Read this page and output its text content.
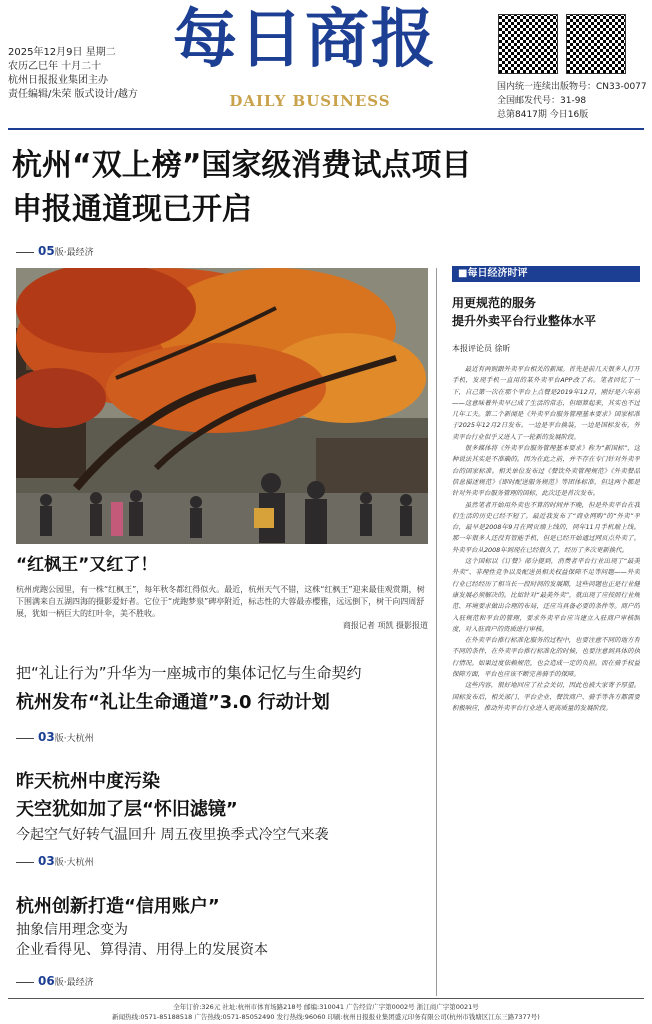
2025年12月9日 星期二
农历乙巳年 十月二十
杭州日报报业集团主办
责任编辑/朱荣 版式设计/越方
每日商报
DAILY BUSINESS
国内统一连续出版物号：CN33-0077
全国邮发代号：31-98
总第8417期 今日16版
杭州“双上榜”国家级消费试点项目
申报通道现已开启
05版·最经济
“红枫王”又红了！
杭州虎跑公园里，有一株“红枫王”，每年秋冬都红得似火。最近，杭州天气不错，这株“红枫王”迎来最佳观赏期，树下围满来自五湖四海的摄影爱好者。它位于“虎跑梦泉”碑亭附近，标志性的大蓉最赤樱雅，远远倒下，树干向四周舒展，犹如一柄巨大的红叶伞，美不胜收。
商报记者 项凯 摄影报道
把“礼让行为”升华为一座城市的集体记忆与生命契约
杭州发布“礼让生命通道”3.0 行动计划
03版·大杭州
昨天杭州中度污染
天空犹如加了层“怀旧滤镜”
今起空气好转气温回升 周五夜里换季式冷空气来袭
03版·大杭州
杭州创新打造“信用账户”
抽象信用理念变为
企业看得见、算得清、用得上的发展资本
06版·最经济
■每日经济时评
用更规范的服务
提升外卖平台行业整体水平
本报评论员 徐昕

最近有两则跟外卖平台相关的新闻。首先是前几天很多人打开手机，发现手机一直用的某外卖平台APP改了名。笔者回忆了一下，自己第一次在那个平台上点餐是2019年12月，刚好是六年前——这意味着外卖早已成了生活的常态，但细算起来，其实也不过几年工夫。第二个新闻是《外卖平台服务管理基本要求》国家标准于2025年12月2日发布。一边是平台换装，一边是国标发布，外卖平台行业似乎又进入了一轮新的发展阶段。

很多媒体将《外卖平台服务管理基本要求》称为“新国标”，这种说法其实是不准确的。因为在此之前，并不存在专门针对外卖平台的国家标准。相关单位发布过《餐饮外卖管理规范》《外卖餐品信息描述规范》《即时配送服务规范》等团体标准，但这两个都是针对外卖平台服务管理的国标，此次还是首次发布。

虽然笔者开始用外卖也不算的时间并不晚，但是外卖平台在我们生活的历史已经不短了。最近我发布了“商业网购”的“外卖”平台，最早是2008年9月在网页端上线的，同年11月手机端上线。那一年很多人还没有智能手机，但是已经开始通过网页点外卖了。外卖平台从2008年到现在已经很久了，经历了多次更新换代。

这个国标以《订餐》部分提到，消费者平台行业出现了“最美外卖”、非理性竞争以及配送员相关权益保障不足等问题——外卖行业已经经历了相当长一段时间的发展期，这些问题也正是行业健康发展必须解决的。比如针对“最美外卖”，就出现了应按照行业规范、环境要求做出合理的布局，还应当具备必要的条件等。商户的入驻规范和平台的管理，要求外卖平台应当建立入驻商户审核制度，对入驻商户的资质进行审核。

在外卖平台推行标准化服务的过程中，也要注意不同的地方有不同的条件，在外卖平台推行标准化的时候，也要注意到具体的执行情况。如果过度依赖规范，也会造成一定的负担。而在骑手权益保障方面，平台也应该不断完善骑手的保障。

这些内容，很好地回应了社会关切，因此也被大家寄予厚望。国标发布后，相关部门、平台企业、餐饮商户、骑手等各方都需要积极响应，推动外卖平台行业进入更高质量的发展阶段。

全年订价:326元 社址:杭州市体育场路218号 邮编:310041 广告经营广字第0002号 浙江商广字第0021号
新闻热线:0571-85188518 广告热线:0571-85052490 发行热线:96060 印刷:杭州日报报业集团盛元印务有限公司(杭州市钱塘区江东三路7377号)
